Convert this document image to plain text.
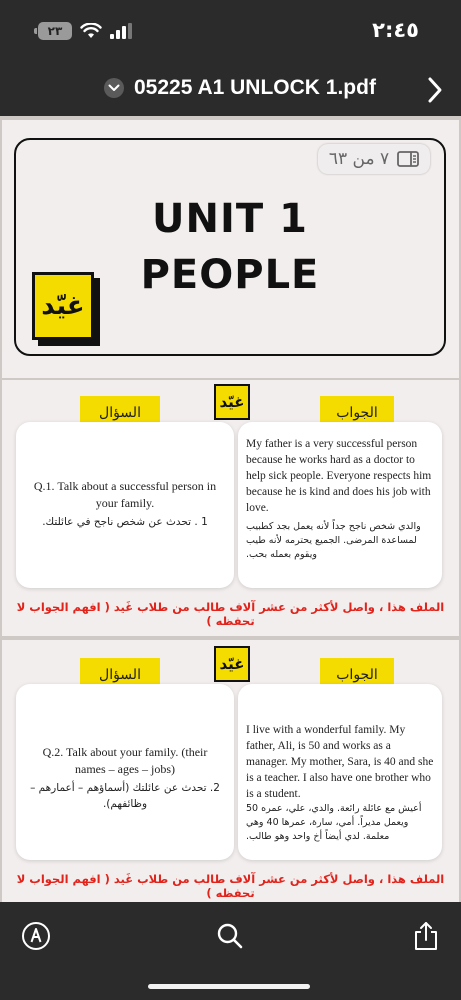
٢٣	٢:٤٥
05225 A1 UNLOCK 1.pdf
٧ من ٦٣
UNIT 1
PEOPLE
غيّد
غيّد
السؤال	الجواب
Q.1. Talk about a successful person in your family.
1 . تحدث عن شخص ناجح في عائلتك.
My father is a very successful person because he works hard as a doctor to help sick people. Everyone respects him because he is kind and does his job with love.
والدي شخص ناجح جداً لأنه يعمل بجد كطبيب لمساعدة المرضى. الجميع يحترمه لأنه طيب ويقوم بعمله بحب.
الملف هذا ، واصل لأكثر من عشر آلاف طالب من طلاب غَيد ( افهم الجواب لا تحفظه )
غيّد
السؤال	الجواب
Q.2. Talk about your family. (their names – ages – jobs)
2. تحدث عن عائلتك (أسماؤهم – أعمارهم – وظائفهم).
I live with a wonderful family. My father, Ali, is 50 and works as a manager. My mother, Sara, is 40 and she is a teacher. I also have one brother who is a student.
أعيش مع عائلة رائعة. والدي، علي، عمره 50 ويعمل مديراً. أمي، سارة، عمرها 40 وهي معلمة. لدي أيضاً أخ واحد وهو طالب.
الملف هذا ، واصل لأكثر من عشر آلاف طالب من طلاب غَيد ( افهم الجواب لا تحفظه )
